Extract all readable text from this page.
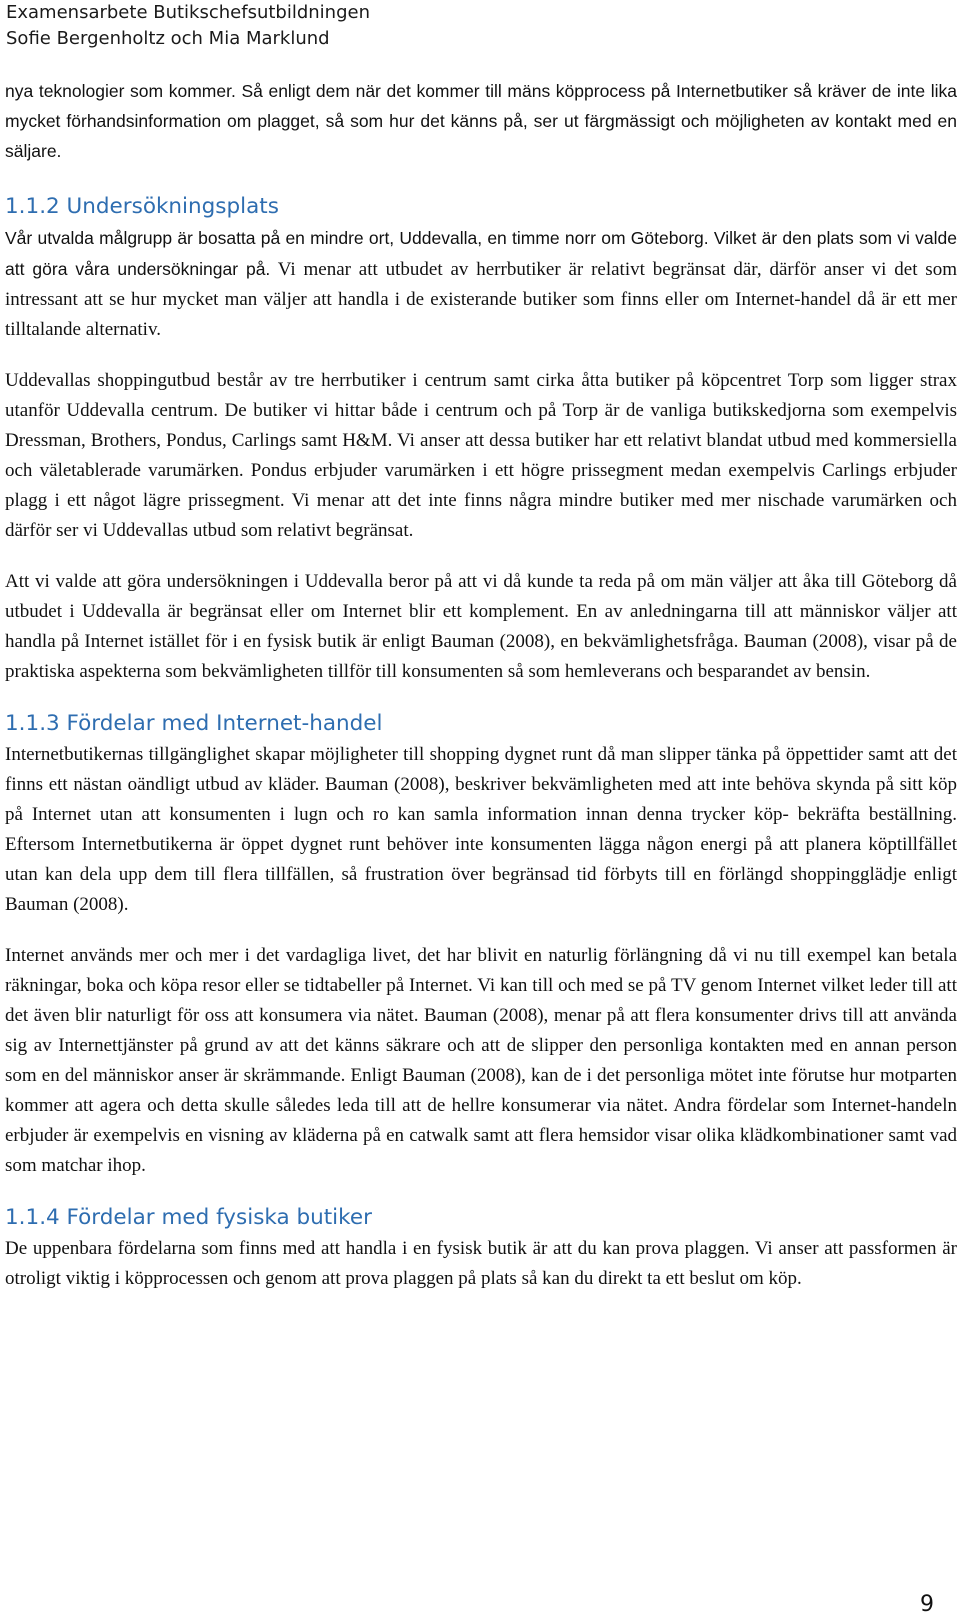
Examensarbete Butikschefsutbildningen
Sofie Bergenholtz och Mia Marklund

nya teknologier som kommer. Så enligt dem när det kommer till mäns köpprocess på Internetbutiker så kräver de inte lika mycket förhandsinformation om plagget, så som hur det känns på, ser ut färgmässigt och möjligheten av kontakt med en säljare.

1.1.2 Undersökningsplats

Vår utvalda målgrupp är bosatta på en mindre ort, Uddevalla, en timme norr om Göteborg. Vilket är den plats som vi valde att göra våra undersökningar på. Vi menar att utbudet av herrbutiker är relativt begränsat där, därför anser vi det som intressant att se hur mycket man väljer att handla i de existerande butiker som finns eller om Internet-handel då är ett mer tilltalande alternativ.

Uddevallas shoppingutbud består av tre herrbutiker i centrum samt cirka åtta butiker på köpcentret Torp som ligger strax utanför Uddevalla centrum. De butiker vi hittar både i centrum och på Torp är de vanliga butikskedjorna som exempelvis Dressman, Brothers, Pondus, Carlings samt H&M. Vi anser att dessa butiker har ett relativt blandat utbud med kommersiella och väletablerade varumärken. Pondus erbjuder varumärken i ett högre prissegment medan exempelvis Carlings erbjuder plagg i ett något lägre prissegment. Vi menar att det inte finns några mindre butiker med mer nischade varumärken och därför ser vi Uddevallas utbud som relativt begränsat.

Att vi valde att göra undersökningen i Uddevalla beror på att vi då kunde ta reda på om män väljer att åka till Göteborg då utbudet i Uddevalla är begränsat eller om Internet blir ett komplement. En av anledningarna till att människor väljer att handla på Internet istället för i en fysisk butik är enligt Bauman (2008), en bekvämlighetsfråga. Bauman (2008), visar på de praktiska aspekterna som bekvämligheten tillför till konsumenten så som hemleverans och besparandet av bensin.

1.1.3 Fördelar med Internet-handel

Internetbutikernas tillgänglighet skapar möjligheter till shopping dygnet runt då man slipper tänka på öppettider samt att det finns ett nästan oändligt utbud av kläder. Bauman (2008), beskriver bekvämligheten med att inte behöva skynda på sitt köp på Internet utan att konsumenten i lugn och ro kan samla information innan denna trycker köp- bekräfta beställning. Eftersom Internetbutikerna är öppet dygnet runt behöver inte konsumenten lägga någon energi på att planera köptillfället utan kan dela upp dem till flera tillfällen, så frustration över begränsad tid förbyts till en förlängd shoppingglädje enligt Bauman (2008).

Internet används mer och mer i det vardagliga livet, det har blivit en naturlig förlängning då vi nu till exempel kan betala räkningar, boka och köpa resor eller se tidtabeller på Internet. Vi kan till och med se på TV genom Internet vilket leder till att det även blir naturligt för oss att konsumera via nätet. Bauman (2008), menar på att flera konsumenter drivs till att använda sig av Internettjänster på grund av att det känns säkrare och att de slipper den personliga kontakten med en annan person som en del människor anser är skrämmande. Enligt Bauman (2008), kan de i det personliga mötet inte förutse hur motparten kommer att agera och detta skulle således leda till att de hellre konsumerar via nätet. Andra fördelar som Internet-handeln erbjuder är exempelvis en visning av kläderna på en catwalk samt att flera hemsidor visar olika klädkombinationer samt vad som matchar ihop.

1.1.4 Fördelar med fysiska butiker

De uppenbara fördelarna som finns med att handla i en fysisk butik är att du kan prova plaggen. Vi anser att passformen är otroligt viktig i köpprocessen och genom att prova plaggen på plats så kan du direkt ta ett beslut om köp.

9
